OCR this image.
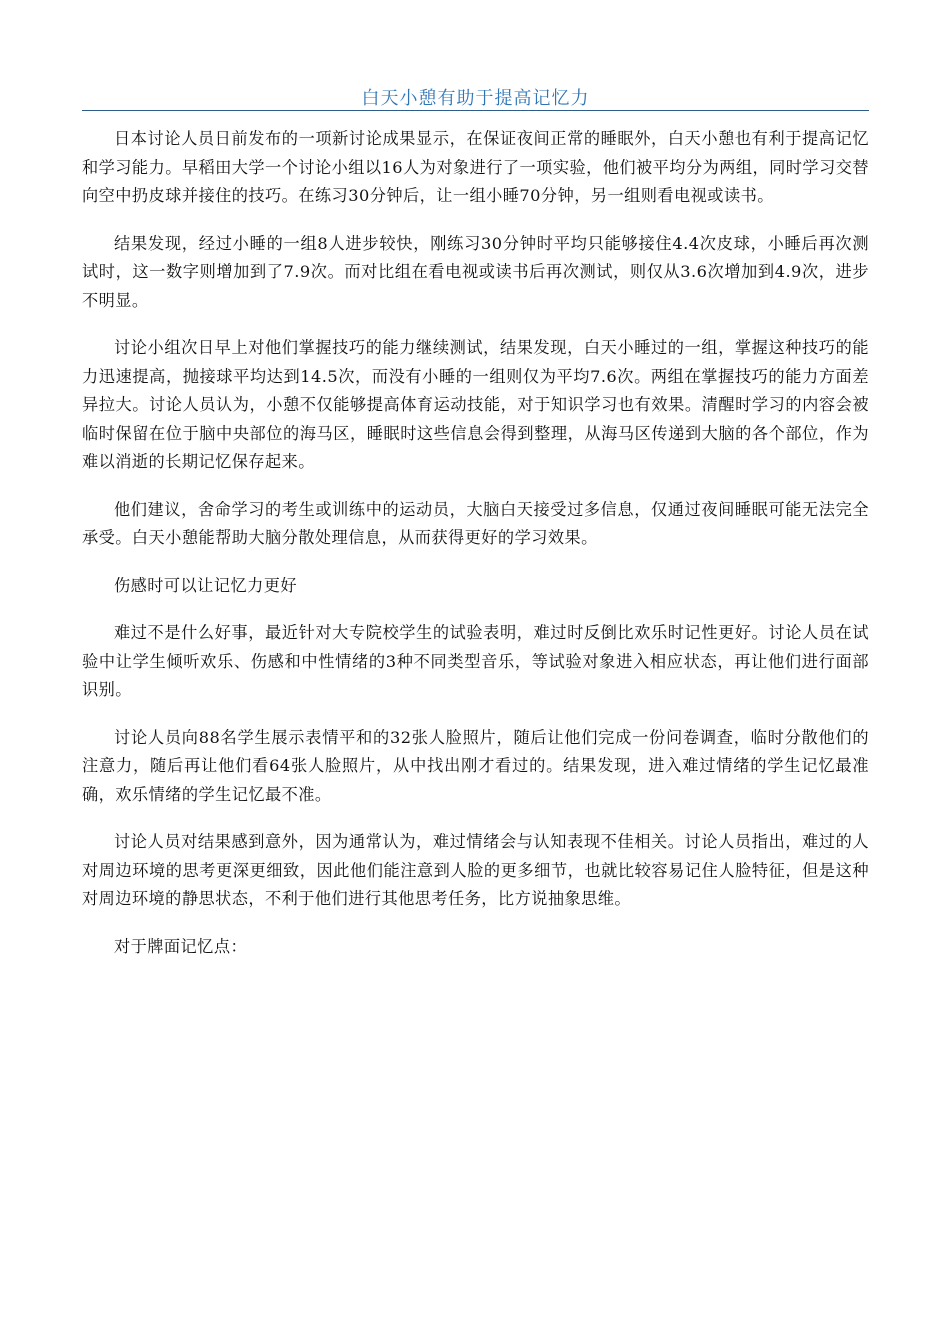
白天小憩有助于提高记忆力

日本讨论人员日前发布的一项新讨论成果显示，在保证夜间正常的睡眠外，白天小憩也有利于提高记忆和学习能力。早稻田大学一个讨论小组以16人为对象进行了一项实验，他们被平均分为两组，同时学习交替向空中扔皮球并接住的技巧。在练习30分钟后，让一组小睡70分钟，另一组则看电视或读书。

结果发现，经过小睡的一组8人进步较快，刚练习30分钟时平均只能够接住4.4次皮球，小睡后再次测试时，这一数字则增加到了7.9次。而对比组在看电视或读书后再次测试，则仅从3.6次增加到4.9次，进步不明显。

讨论小组次日早上对他们掌握技巧的能力继续测试，结果发现，白天小睡过的一组，掌握这种技巧的能力迅速提高，抛接球平均达到14.5次，而没有小睡的一组则仅为平均7.6次。两组在掌握技巧的能力方面差异拉大。讨论人员认为，小憩不仅能够提高体育运动技能，对于知识学习也有效果。清醒时学习的内容会被临时保留在位于脑中央部位的海马区，睡眠时这些信息会得到整理，从海马区传递到大脑的各个部位，作为难以消逝的长期记忆保存起来。

他们建议，舍命学习的考生或训练中的运动员，大脑白天接受过多信息，仅通过夜间睡眠可能无法完全承受。白天小憩能帮助大脑分散处理信息，从而获得更好的学习效果。

伤感时可以让记忆力更好

难过不是什么好事，最近针对大专院校学生的试验表明，难过时反倒比欢乐时记性更好。讨论人员在试验中让学生倾听欢乐、伤感和中性情绪的3种不同类型音乐，等试验对象进入相应状态，再让他们进行面部识别。

讨论人员向88名学生展示表情平和的32张人脸照片，随后让他们完成一份问卷调查，临时分散他们的注意力，随后再让他们看64张人脸照片，从中找出刚才看过的。结果发现，进入难过情绪的学生记忆最准确，欢乐情绪的学生记忆最不准。

讨论人员对结果感到意外，因为通常认为，难过情绪会与认知表现不佳相关。讨论人员指出，难过的人对周边环境的思考更深更细致，因此他们能注意到人脸的更多细节，也就比较容易记住人脸特征，但是这种对周边环境的静思状态，不利于他们进行其他思考任务，比方说抽象思维。

对于牌面记忆点：
